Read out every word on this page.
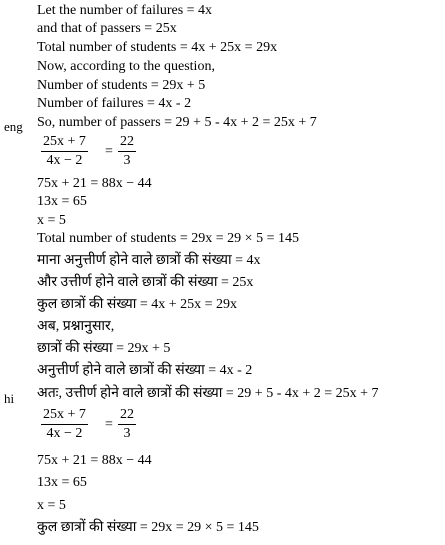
Let the number of failures = 4x
and that of passers = 25x
Total number of students = 4x + 25x = 29x
Now, according to the question,
Number of students = 29x + 5
Number of failures = 4x - 2
eng So, number of passers = 29 + 5 - 4x + 2 = 25x + 7
$\frac{25x + 7}{4x - 2} = \frac{22}{3}$
75x + 21 = 88x − 44
13x = 65
x = 5
Total number of students = 29x = 29 × 5 = 145
माना अनुत्तीर्ण होने वाले छात्रों की संख्या = 4x
और उत्तीर्ण होने वाले छात्रों की संख्या = 25x
कुल छात्रों की संख्या = 4x + 25x = 29x
अब, प्रश्नानुसार,
छात्रों की संख्या = 29x + 5
अनुत्तीर्ण होने वाले छात्रों की संख्या = 4x - 2
hi अतः, उत्तीर्ण होने वाले छात्रों की संख्या = 29 + 5 - 4x + 2 = 25x + 7
$\frac{25x + 7}{4x - 2} = \frac{22}{3}$
75x + 21 = 88x − 44
13x = 65
x = 5
कुल छात्रों की संख्या = 29x = 29 × 5 = 145
